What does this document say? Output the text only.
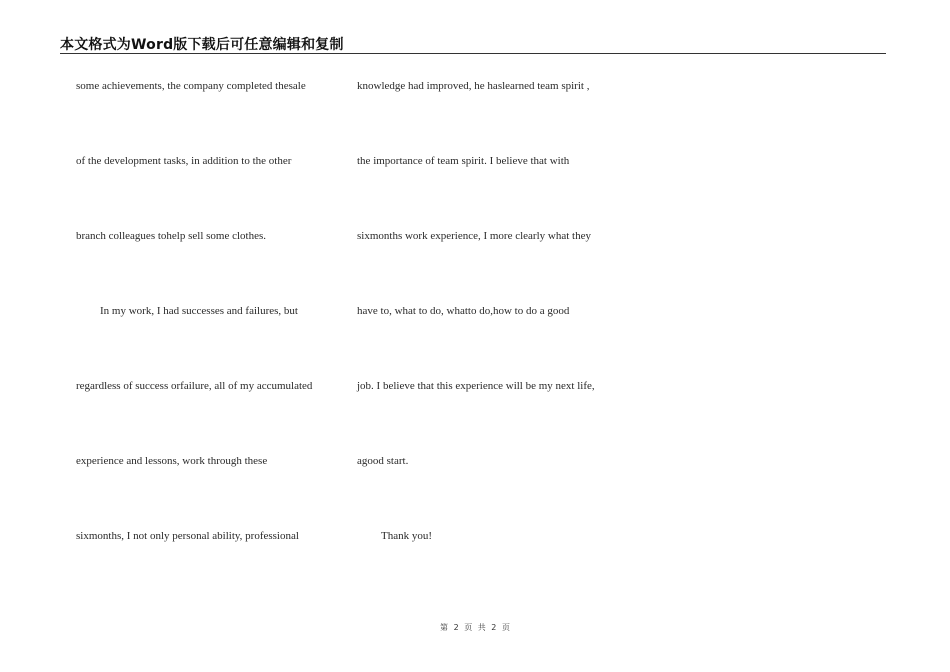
本文格式为Word版下载后可任意编辑和复制
some achievements, the company completed thesale
of the development tasks, in addition to the other
branch colleagues tohelp sell some clothes.
In my work, I had successes and failures, but
regardless of success orfailure, all of my accumulated
experience and lessons, work through these
sixmonths, I not only personal ability, professional
knowledge had improved, he haslearned team spirit ,
the importance of team spirit. I believe that with
sixmonths work experience, I more clearly what they
have to, what to do, whatto do,how to do a good
job. I believe that this experience will be my next life,
agood start.
Thank you!
第 2 页 共 2 页
